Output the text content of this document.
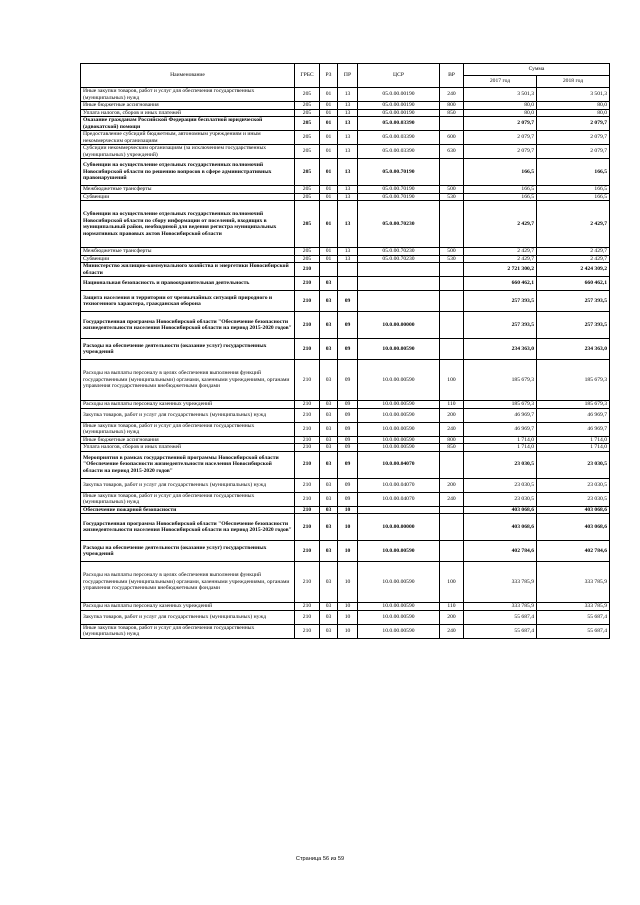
Наименование	ГРБС	РЗ	ПР	ЦСР	ВР	Сумма	
						2017 год	2018 год
Иные закупки товаров, работ и услуг для обеспечения государственных (муниципальных) нужд	205	01	13	05.0.00.00190	240	3 501,3	3 501,3
Иные бюджетные ассигнования	205	01	13	05.0.00.00190	800	80,0	80,0
Уплата налогов, сборов и иных платежей	205	01	13	05.0.00.00190	850	80,0	80,0
Оказание гражданам Российской Федерации бесплатной юридической (адвокатской) помощи	205	01	13	05.0.00.03390		2 079,7	2 079,7
Предоставление субсидий бюджетным, автономным учреждениям и иным некоммерческим организациям	205	01	13	05.0.00.03390	600	2 079,7	2 079,7
Субсидии некоммерческим организациям (за исключением государственных (муниципальных) учреждений)	205	01	13	05.0.00.03390	630	2 079,7	2 079,7
Субвенции на осуществление отдельных государственных полномочий Новосибирской области по решению вопросов в сфере административных правонарушений	205	01	13	05.0.00.70190		166,5	166,5
Межбюджетные трансферты	205	01	13	05.0.00.70190	500	166,5	166,5
Субвенции	205	01	13	05.0.00.70190	530	166,5	166,5
Субвенции на осуществление отдельных государственных полномочий Новосибирской области по сбору информации от поселений, входящих в муниципальный район, необходимой для ведения регистра муниципальных нормативных правовых актов Новосибирской области	205	01	13	05.0.00.70230		2 429,7	2 429,7
Межбюджетные трансферты	205	01	13	05.0.00.70230	500	2 429,7	2 429,7
Субвенции	205	01	13	05.0.00.70230	530	2 429,7	2 429,7
Министерство жилищно-коммунального хозяйства и энергетики Новосибирской области	210					2 721 300,2	2 424 309,2
Национальная безопасность и правоохранительная деятельность	210	03				660 462,1	660 462,1
Защита населения и территории от чрезвычайных ситуаций природного и техногенного характера, гражданская оборона	210	03	09			257 393,5	257 393,5
Государственная программа Новосибирской области "Обеспечение безопасности жизнедеятельности населения Новосибирской области на период 2015-2020 годов"	210	03	09	10.0.00.00000		257 393,5	257 393,5
Расходы на обеспечение деятельности (оказание услуг) государственных учреждений	210	03	09	10.0.00.00590		234 363,0	234 363,0
Расходы на выплаты персоналу в целях обеспечения выполнения функций государственными (муниципальными) органами, казенными учреждениями, органами управления государственными внебюджетными фондами	210	03	09	10.0.00.00590	100	185 679,3	185 679,3
Расходы на выплаты персоналу казенных учреждений	210	03	09	10.0.00.00590	110	185 679,3	185 679,3
Закупка товаров, работ и услуг для государственных (муниципальных) нужд	210	03	09	10.0.00.00590	200	46 969,7	46 969,7
Иные закупки товаров, работ и услуг для обеспечения государственных (муниципальных) нужд	210	03	09	10.0.00.00590	240	46 969,7	46 969,7
Иные бюджетные ассигнования	210	03	09	10.0.00.00590	800	1 714,0	1 714,0
Уплата налогов, сборов и иных платежей	210	03	09	10.0.00.00590	850	1 714,0	1 714,0
Мероприятия в рамках государственной программы Новосибирской области "Обеспечение безопасности жизнедеятельности населения Новосибирской области на период 2015-2020 годов"	210	03	09	10.0.00.04070		23 030,5	23 030,5
Закупка товаров, работ и услуг для государственных (муниципальных) нужд	210	03	09	10.0.00.04070	200	23 030,5	23 030,5
Иные закупки товаров, работ и услуг для обеспечения государственных (муниципальных) нужд	210	03	09	10.0.00.04070	240	23 030,5	23 030,5
Обеспечение пожарной безопасности	210	03	10			403 068,6	403 068,6
Государственная программа Новосибирской области "Обеспечение безопасности жизнедеятельности населения Новосибирской области на период 2015-2020 годов"	210	03	10	10.0.00.00000		403 068,6	403 068,6
Расходы на обеспечение деятельности (оказание услуг) государственных учреждений	210	03	10	10.0.00.00590		402 784,6	402 784,6
Расходы на выплаты персоналу в целях обеспечения выполнения функций государственными (муниципальными) органами, казенными учреждениями, органами управления государственными внебюджетными фондами	210	03	10	10.0.00.00590	100	333 785,9	333 785,9
Расходы на выплаты персоналу казенных учреждений	210	03	10	10.0.00.00590	110	333 785,9	333 785,9
Закупка товаров, работ и услуг для государственных (муниципальных) нужд	210	03	10	10.0.00.00590	200	55 687,4	55 687,4
Иные закупки товаров, работ и услуг для обеспечения государственных (муниципальных) нужд	210	03	10	10.0.00.00590	240	55 687,4	55 687,4
Страница 56 из 59
